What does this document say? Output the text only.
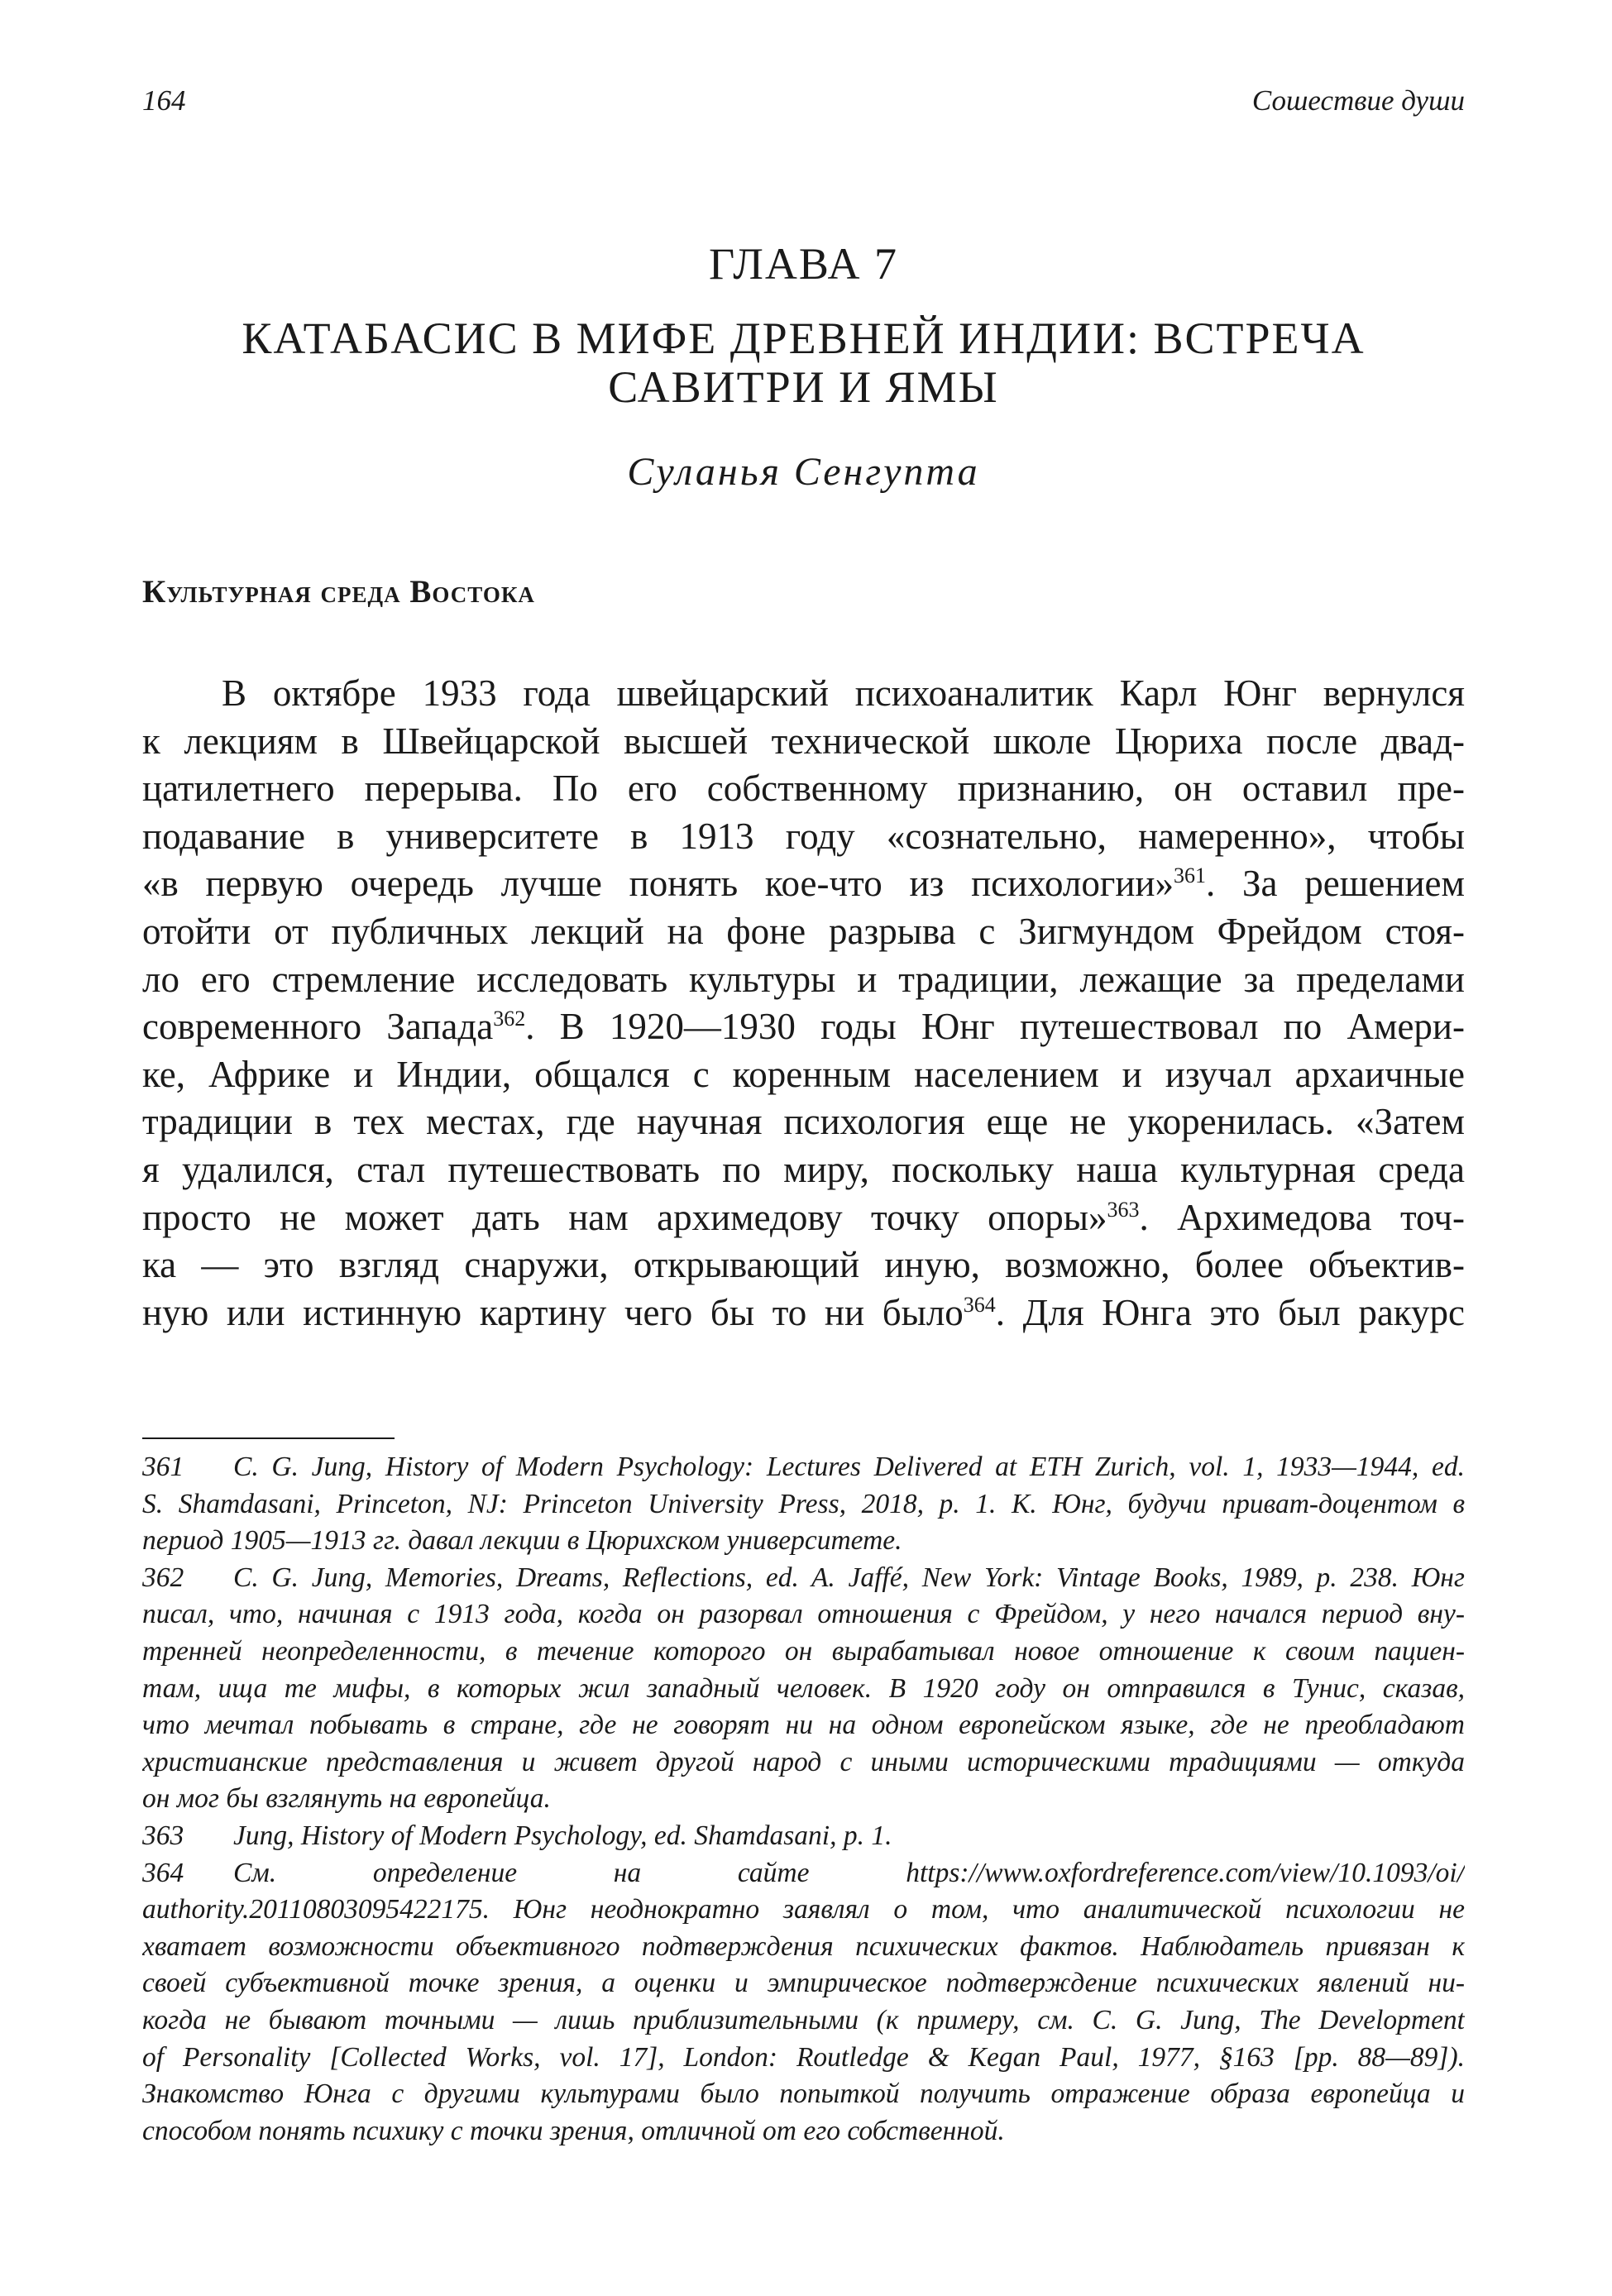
164	Сошествие души
ГЛАВА 7
КАТАБАСИС В МИФЕ ДРЕВНЕЙ ИНДИИ: ВСТРЕЧА
САВИТРИ И ЯМЫ
Суланья Сенгупта
Культурная среда Востока
В октябре 1933 года швейцарский психоаналитик Карл Юнг вернулся
к лекциям в Швейцарской высшей технической школе Цюриха после двад-
цатилетнего перерыва. По его собственному признанию, он оставил пре-
подавание в университете в 1913 году «сознательно, намеренно», чтобы
«в первую очередь лучше понять кое-что из психологии»$^{361}$. За решением
отойти от публичных лекций на фоне разрыва с Зигмундом Фрейдом стоя-
ло его стремление исследовать культуры и традиции, лежащие за пределами
современного Запада$^{362}$. В 1920—1930 годы Юнг путешествовал по Амери-
ке, Африке и Индии, общался с коренным населением и изучал архаичные
традиции в тех местах, где научная психология еще не укоренилась. «Затем
я удалился, стал путешествовать по миру, поскольку наша культурная среда
просто не может дать нам архимедову точку опоры»$^{363}$. Архимедова точ-
ка — это взгляд снаружи, открывающий иную, возможно, более объектив-
ную или истинную картину чего бы то ни было$^{364}$. Для Юнга это был ракурс
361 C. G. Jung, History of Modern Psychology: Lectures Delivered at ETH Zurich, vol. 1, 1933—1944, ed.
S. Shamdasani, Princeton, NJ: Princeton University Press, 2018, p. 1. К. Юнг, будучи приват-доцентом в
период 1905—1913 гг. давал лекции в Цюрихском университете.
362 C. G. Jung, Memories, Dreams, Reflections, ed. A. Jaffé, New York: Vintage Books, 1989, p. 238. Юнг
писал, что, начиная с 1913 года, когда он разорвал отношения с Фрейдом, у него начался период вну-
тренней неопределенности, в течение которого он вырабатывал новое отношение к своим пациен-
там, ища те мифы, в которых жил западный человек. В 1920 году он отправился в Тунис, сказав,
что мечтал побывать в стране, где не говорят ни на одном европейском языке, где не преобладают
христианские представления и живет другой народ с иными историческими традициями — откуда
он мог бы взглянуть на европейца.
363 Jung, History of Modern Psychology, ed. Shamdasani, p. 1.
364 См. определение на сайте https://www.oxfordreference.com/view/10.1093/oi/
authority.20110803095422175. Юнг неоднократно заявлял о том, что аналитической психологии не
хватает возможности объективного подтверждения психических фактов. Наблюдатель привязан к
своей субъективной точке зрения, а оценки и эмпирическое подтверждение психических явлений ни-
когда не бывают точными — лишь приблизительными (к примеру, см. C. G. Jung, The Development
of Personality [Collected Works, vol. 17], London: Routledge & Kegan Paul, 1977, §163 [pp. 88—89]).
Знакомство Юнга с другими культурами было попыткой получить отражение образа европейца и
способом понять психику с точки зрения, отличной от его собственной.
